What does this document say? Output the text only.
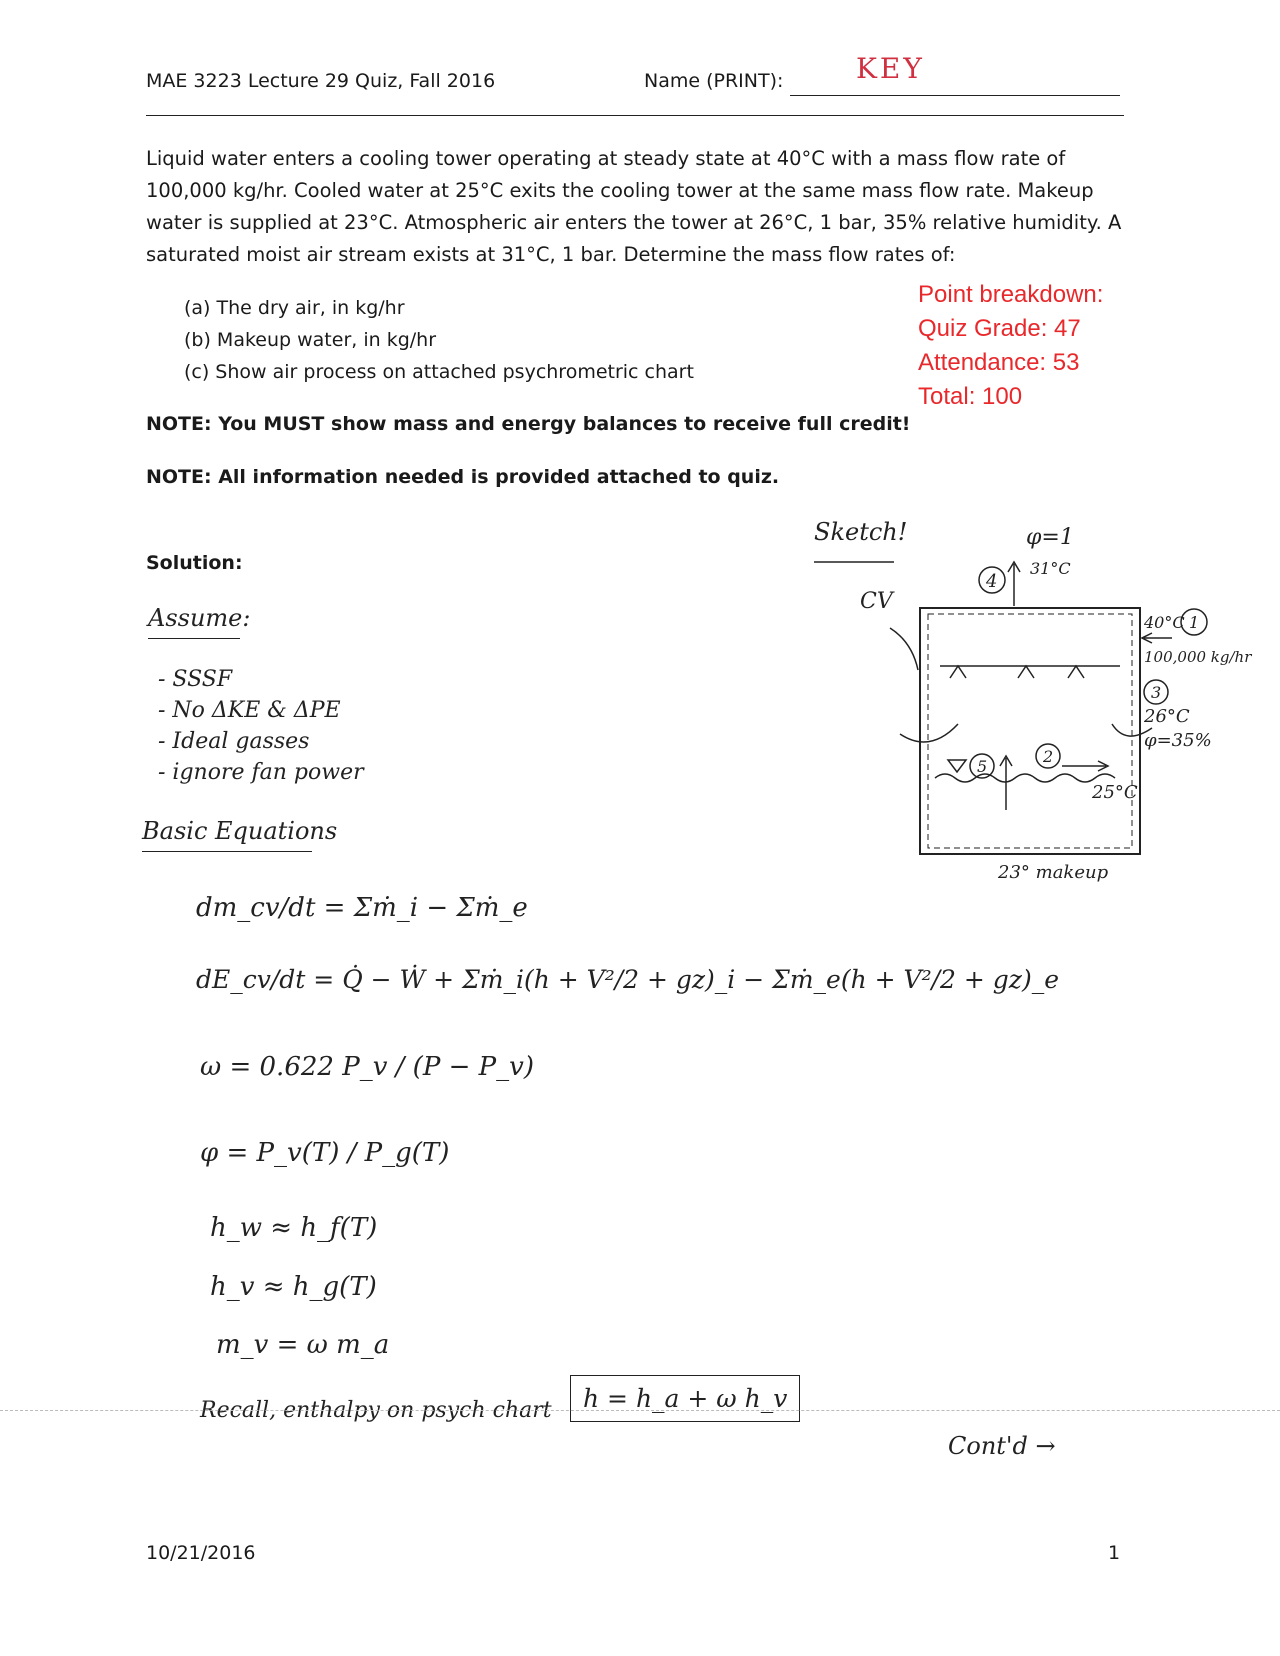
MAE 3223 Lecture 29 Quiz, Fall 2016	Name (PRINT):	KEY
Liquid water enters a cooling tower operating at steady state at 40°C with a mass flow rate of 100,000 kg/hr. Cooled water at 25°C exits the cooling tower at the same mass flow rate. Makeup water is supplied at 23°C. Atmospheric air enters the tower at 26°C, 1 bar, 35% relative humidity. A saturated moist air stream exists at 31°C, 1 bar. Determine the mass flow rates of:
(a) The dry air, in kg/hr
(b) Makeup water, in kg/hr
(c) Show air process on attached psychrometric chart
Point breakdown:
Quiz Grade: 47
Attendance: 53
Total: 100
NOTE: You MUST show mass and energy balances to receive full credit!
NOTE: All information needed is provided attached to quiz.
Solution:
Assume:
- SSSF
- No ΔKE & ΔPE
- Ideal gasses
- ignore fan power
Basic Equations
dm_cv/dt = Σṁ_i − Σṁ_e
dE_cv/dt = Q̇ − Ẇ + Σṁ_i(h + V²/2 + gz)_i − Σṁ_e(h + V²/2 + gz)_e
ω = 0.622 P_v / (P − P_v)
φ = P_v(T) / P_g(T)
h_w ≈ h_f(T)
h_v ≈ h_g(T)
m_v = ω m_a
Recall, enthalpy on psych chart	h = h_a + ω h_v
Cont'd →
Sketch!
CV
4
φ=1
31°C
40°C 1
100,000 kg/hr
3
26°C
φ=35%
2
25°C
5
23° makeup
10/21/2016	1
